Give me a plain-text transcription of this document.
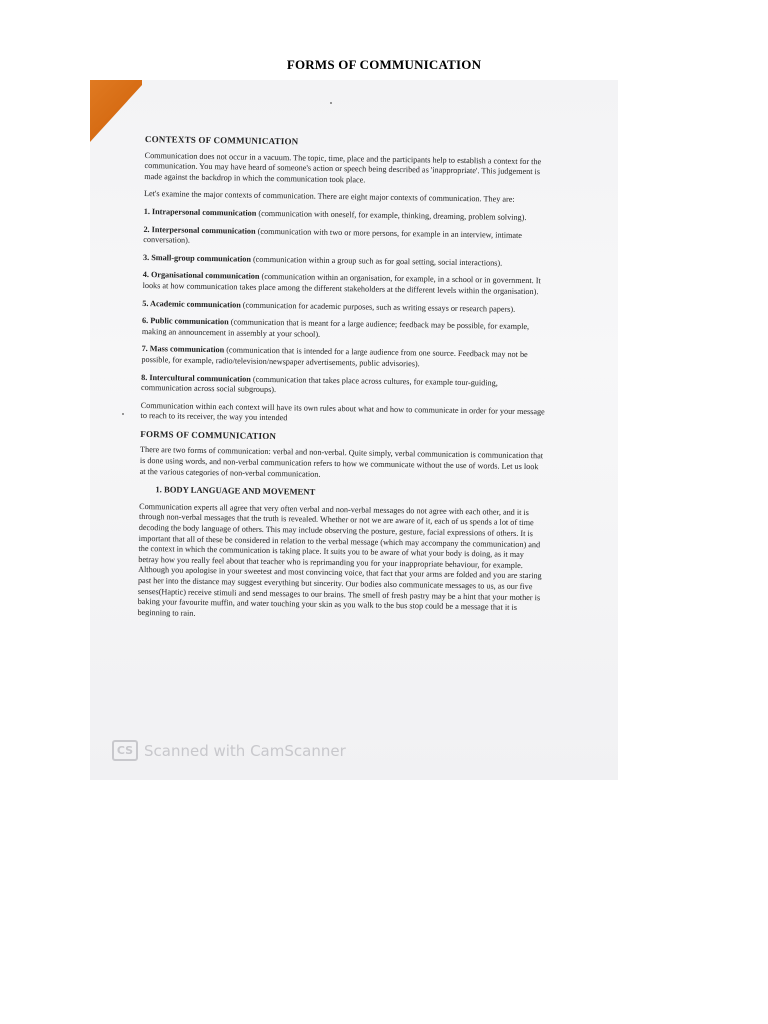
FORMS OF COMMUNICATION
CONTEXTS OF COMMUNICATION
Communication does not occur in a vacuum. The topic, time, place and the participants help to establish a context for the communication. You may have heard of someone's action or speech being described as 'inappropriate'. This judgement is made against the backdrop in which the communication took place.
Let's examine the major contexts of communication. There are eight major contexts of communication. They are:
1. Intrapersonal communication (communication with oneself, for example, thinking, dreaming, problem solving).
2. Interpersonal communication (communication with two or more persons, for example in an interview, intimate conversation).
3. Small-group communication (communication within a group such as for goal setting, social interactions).
4. Organisational communication (communication within an organisation, for example, in a school or in government. It looks at how communication takes place among the different stakeholders at the different levels within the organisation).
5. Academic communication (communication for academic purposes, such as writing essays or research papers).
6. Public communication (communication that is meant for a large audience; feedback may be possible, for example, making an announcement in assembly at your school).
7. Mass communication (communication that is intended for a large audience from one source. Feedback may not be possible, for example, radio/television/newspaper advertisements, public advisories).
8. Intercultural communication (communication that takes place across cultures, for example tour-guiding, communication across social subgroups).
Communication within each context will have its own rules about what and how to communicate in order for your message to reach to its receiver, the way you intended
FORMS OF COMMUNICATION
There are two forms of communication: verbal and non-verbal. Quite simply, verbal communication is communication that is done using words, and non-verbal communication refers to how we communicate without the use of words. Let us look at the various categories of non-verbal communication.
1. BODY LANGUAGE AND MOVEMENT
Communication experts all agree that very often verbal and non-verbal messages do not agree with each other, and it is through non-verbal messages that the truth is revealed. Whether or not we are aware of it, each of us spends a lot of time decoding the body language of others. This may include observing the posture, gesture, facial expressions of others. It is important that all of these be considered in relation to the verbal message (which may accompany the communication) and the context in which the communication is taking place. It suits you to be aware of what your body is doing, as it may betray how you really feel about that teacher who is reprimanding you for your inappropriate behaviour, for example. Although you apologise in your sweetest and most convincing voice, that fact that your arms are folded and you are staring past her into the distance may suggest everything but sincerity. Our bodies also communicate messages to us, as our five senses(Haptic) receive stimuli and send messages to our brains. The smell of fresh pastry may be a hint that your mother is baking your favourite muffin, and water touching your skin as you walk to the bus stop could be a message that it is beginning to rain.
CS Scanned with CamScanner
